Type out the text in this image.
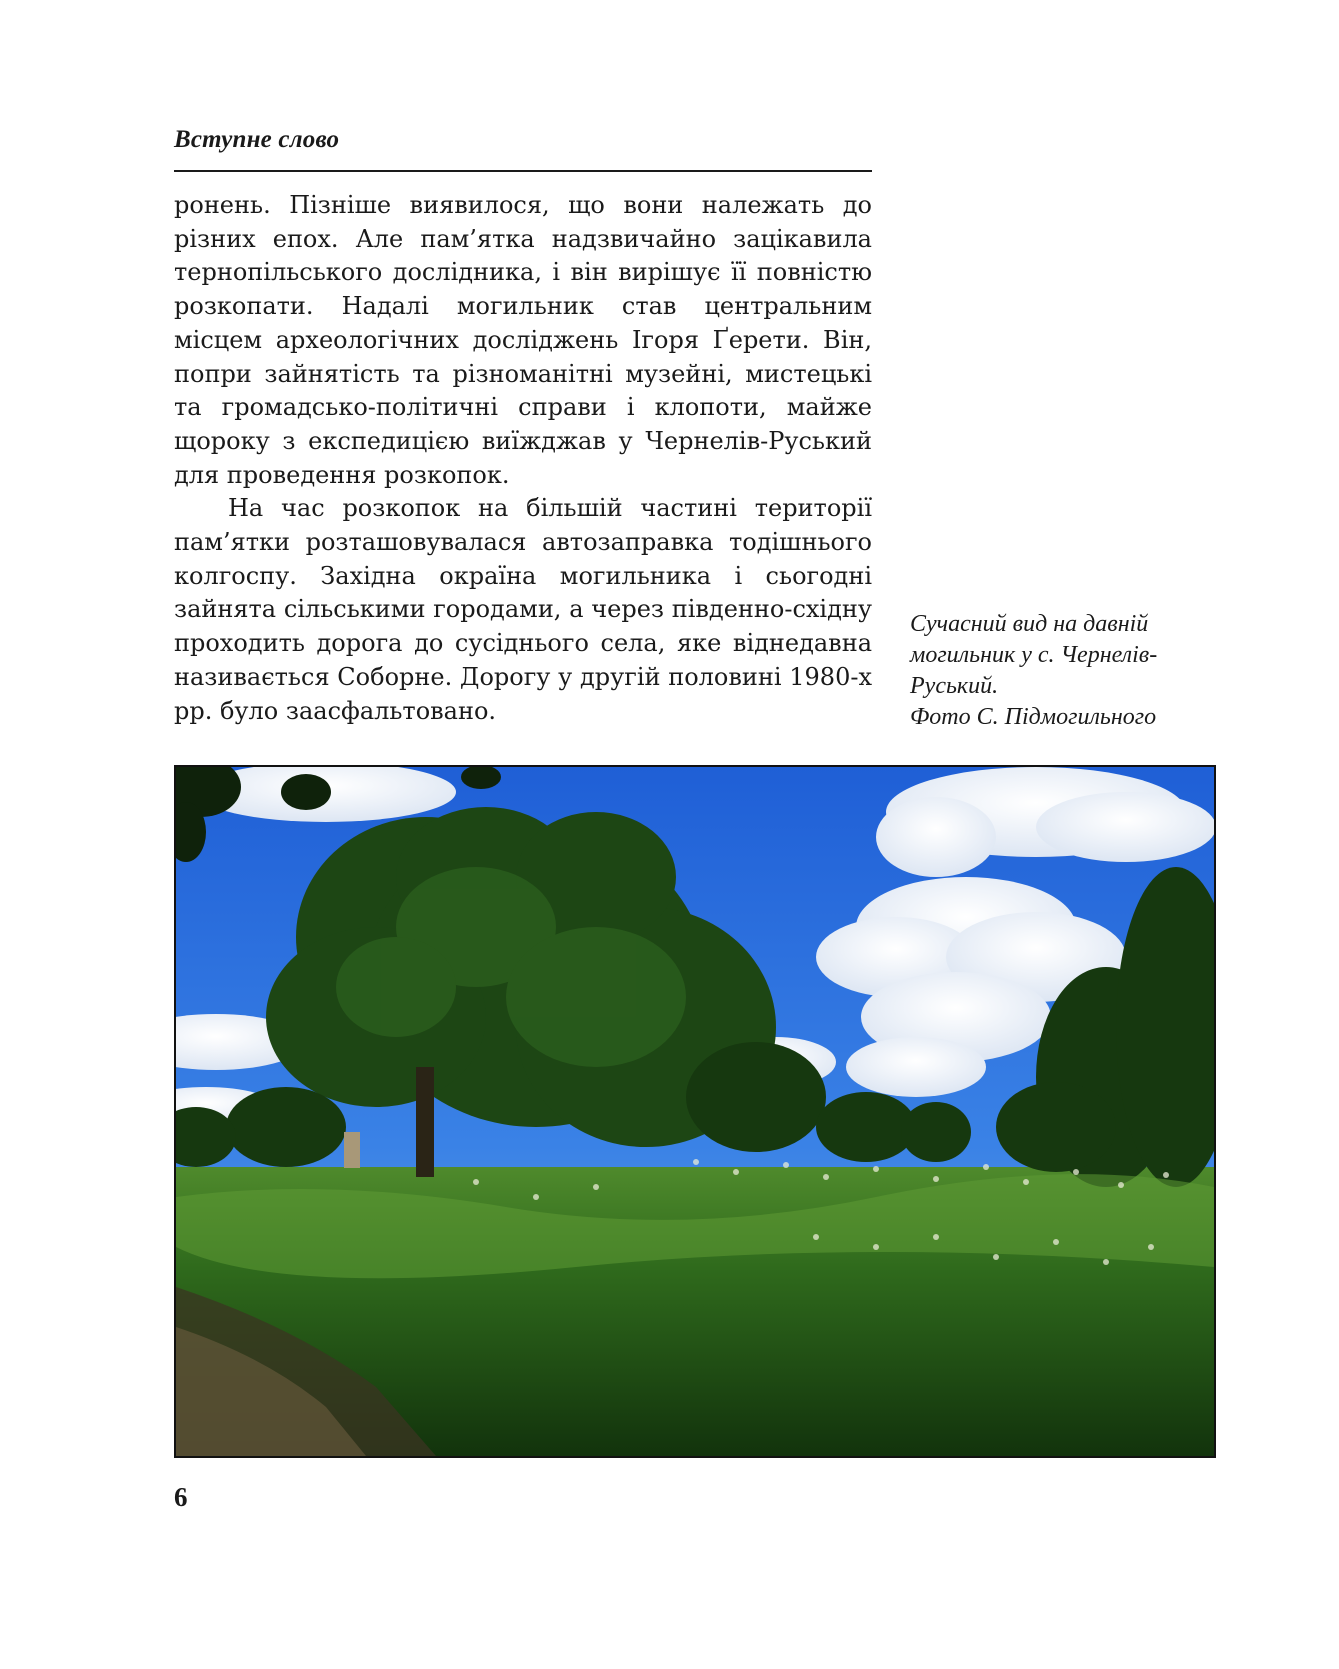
Вступне слово

ронень. Пізніше виявилося, що вони належать до різних епох. Але пам’ятка надзвичайно зацікавила тернопільського дослідника, і він вирішує її повністю розкопати. Надалі могильник став центральним місцем археологічних досліджень Ігоря Ґерети. Він, попри зайнятість та різноманітні музейні, мистецькі та громадсько-політичні справи і клопоти, майже щороку з експедицією виїжджав у Чернелів-Руський для проведення розкопок.

На час розкопок на більшій частині території пам’ятки розташовувалася автозаправка тодішнього колгоспу. Західна окраїна могильника і сьогодні зайнята сільськими городами, а через південно-східну проходить дорога до сусіднього села, яке віднедавна називається Соборне. Дорогу у другій половині 1980-х рр. було заасфальтовано.

Сучасний вид на давній
могильник у с. Чернелів-
Руський.
Фото С. Підмогильного
6
